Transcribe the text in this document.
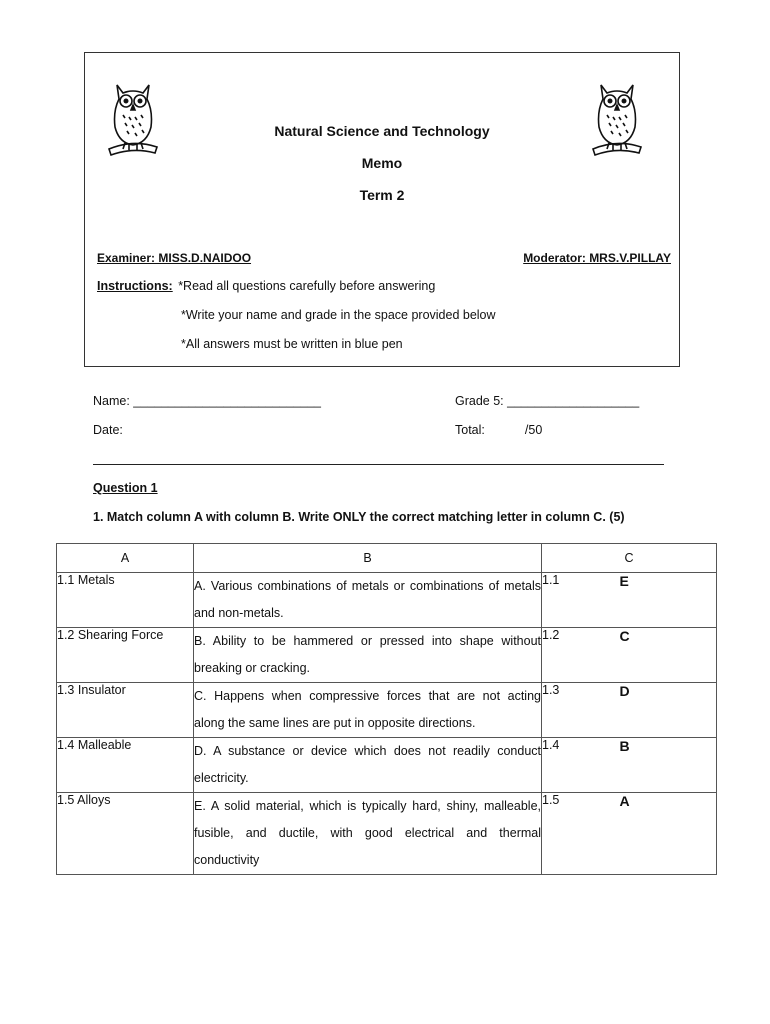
Natural Science and Technology
Memo
Term 2
Examiner: MISS.D.NAIDOO	Moderator: MRS.V.PILLAY
Instructions: *Read all questions carefully before answering
*Write your name and grade in the space provided below
*All answers must be written in blue pen
Name: ___________________________	Grade 5: ___________________
Date:	Total:	/50
Question 1
1. Match column A with column B. Write ONLY the correct matching letter in column C. (5)
A	B	C	
1.1 Metals	A. Various combinations of metals or combinations of metals and non-metals.	1.1	E
1.2 Shearing Force	B. Ability to be hammered or pressed into shape without breaking or cracking.	1.2	C
1.3 Insulator	C. Happens when compressive forces that are not acting along the same lines are put in opposite directions.	1.3	D
1.4 Malleable	D. A substance or device which does not readily conduct electricity.	1.4	B
1.5 Alloys	E. A solid material, which is typically hard, shiny, malleable, fusible, and ductile, with good electrical and thermal conductivity	1.5	A
